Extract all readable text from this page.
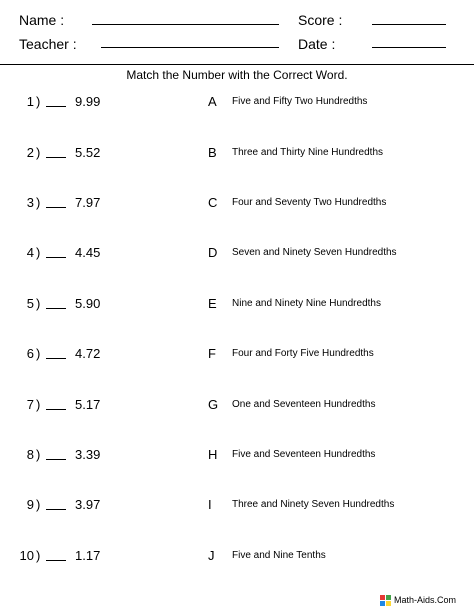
Name :	Score :
Teacher :	Date :
Match the Number with the Correct Word.
1 )	9.99	A Five and Fifty Two Hundredths
2 )	5.52	B Three and Thirty Nine Hundredths
3 )	7.97	C Four and Seventy Two Hundredths
4 )	4.45	D Seven and Ninety Seven Hundredths
5 )	5.90	E Nine and Ninety Nine Hundredths
6 )	4.72	F Four and Forty Five Hundredths
7 )	5.17	G One and Seventeen Hundredths
8 )	3.39	H Five and Seventeen Hundredths
9 )	3.97	I Three and Ninety Seven Hundredths
10 )	1.17	J Five and Nine Tenths
Math-Aids.Com
